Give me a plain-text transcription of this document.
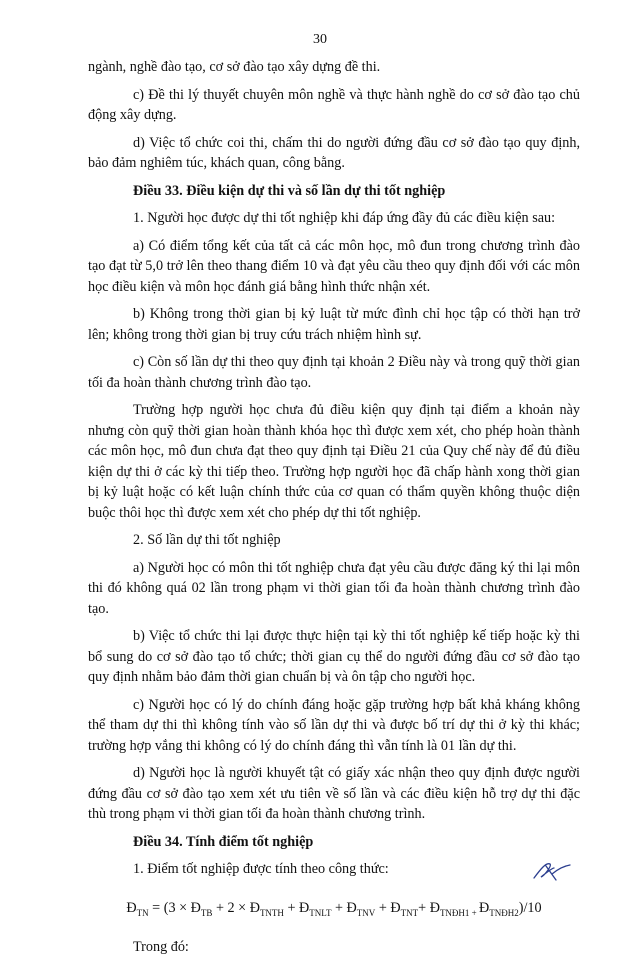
30

ngành, nghề đào tạo, cơ sở đào tạo xây dựng đề thi.

c) Đề thi lý thuyết chuyên môn nghề và thực hành nghề do cơ sở đào tạo chủ động xây dựng.

d) Việc tổ chức coi thi, chấm thi do người đứng đầu cơ sở đào tạo quy định, bảo đảm nghiêm túc, khách quan, công bằng.

Điều 33. Điều kiện dự thi và số lần dự thi tốt nghiệp

1. Người học được dự thi tốt nghiệp khi đáp ứng đầy đủ các điều kiện sau:

a) Có điểm tổng kết của tất cả các môn học, mô đun trong chương trình đào tạo đạt từ 5,0 trở lên theo thang điểm 10 và đạt yêu cầu theo quy định đối với các môn học điều kiện và môn học đánh giá bằng hình thức nhận xét.

b) Không trong thời gian bị kỷ luật từ mức đình chỉ học tập có thời hạn trở lên; không trong thời gian bị truy cứu trách nhiệm hình sự.

c) Còn số lần dự thi theo quy định tại khoản 2 Điều này và trong quỹ thời gian tối đa hoàn thành chương trình đào tạo.

Trường hợp người học chưa đủ điều kiện quy định tại điểm a khoản này nhưng còn quỹ thời gian hoàn thành khóa học thì được xem xét, cho phép hoàn thành các môn học, mô đun chưa đạt theo quy định tại Điều 21 của Quy chế này để đủ điều kiện dự thi ở các kỳ thi tiếp theo. Trường hợp người học đã chấp hành xong thời gian bị kỷ luật hoặc có kết luận chính thức của cơ quan có thẩm quyền không thuộc diện buộc thôi học thì được xem xét cho phép dự thi tốt nghiệp.

2. Số lần dự thi tốt nghiệp

a) Người học có môn thi tốt nghiệp chưa đạt yêu cầu được đăng ký thi lại môn thi đó không quá 02 lần trong phạm vi thời gian tối đa hoàn thành chương trình đào tạo.

b) Việc tổ chức thi lại được thực hiện tại kỳ thi tốt nghiệp kế tiếp hoặc kỳ thi bổ sung do cơ sở đào tạo tổ chức; thời gian cụ thể do người đứng đầu cơ sở đào tạo quy định nhằm bảo đảm thời gian chuẩn bị và ôn tập cho người học.

c) Người học có lý do chính đáng hoặc gặp trường hợp bất khả kháng không thể tham dự thi thì không tính vào số lần dự thi và được bố trí dự thi ở kỳ thi khác; trường hợp vắng thi không có lý do chính đáng thì vẫn tính là 01 lần dự thi.

d) Người học là người khuyết tật có giấy xác nhận theo quy định được người đứng đầu cơ sở đào tạo xem xét ưu tiên về số lần và các điều kiện hỗ trợ dự thi đặc thù trong phạm vi thời gian tối đa hoàn thành chương trình.

Điều 34. Tính điểm tốt nghiệp

1. Điểm tốt nghiệp được tính theo công thức:

$Đ_{TN} = (3$ × $Đ_{TB} + 2$ × $Đ_{TNTH}$ + $Đ_{TNLT}$ + $Đ_{TNV}$ + $Đ_{TNT}+$ $Đ_{TNĐH1 +}$ $Đ_{TNĐH2})/10$

Trong đó:
